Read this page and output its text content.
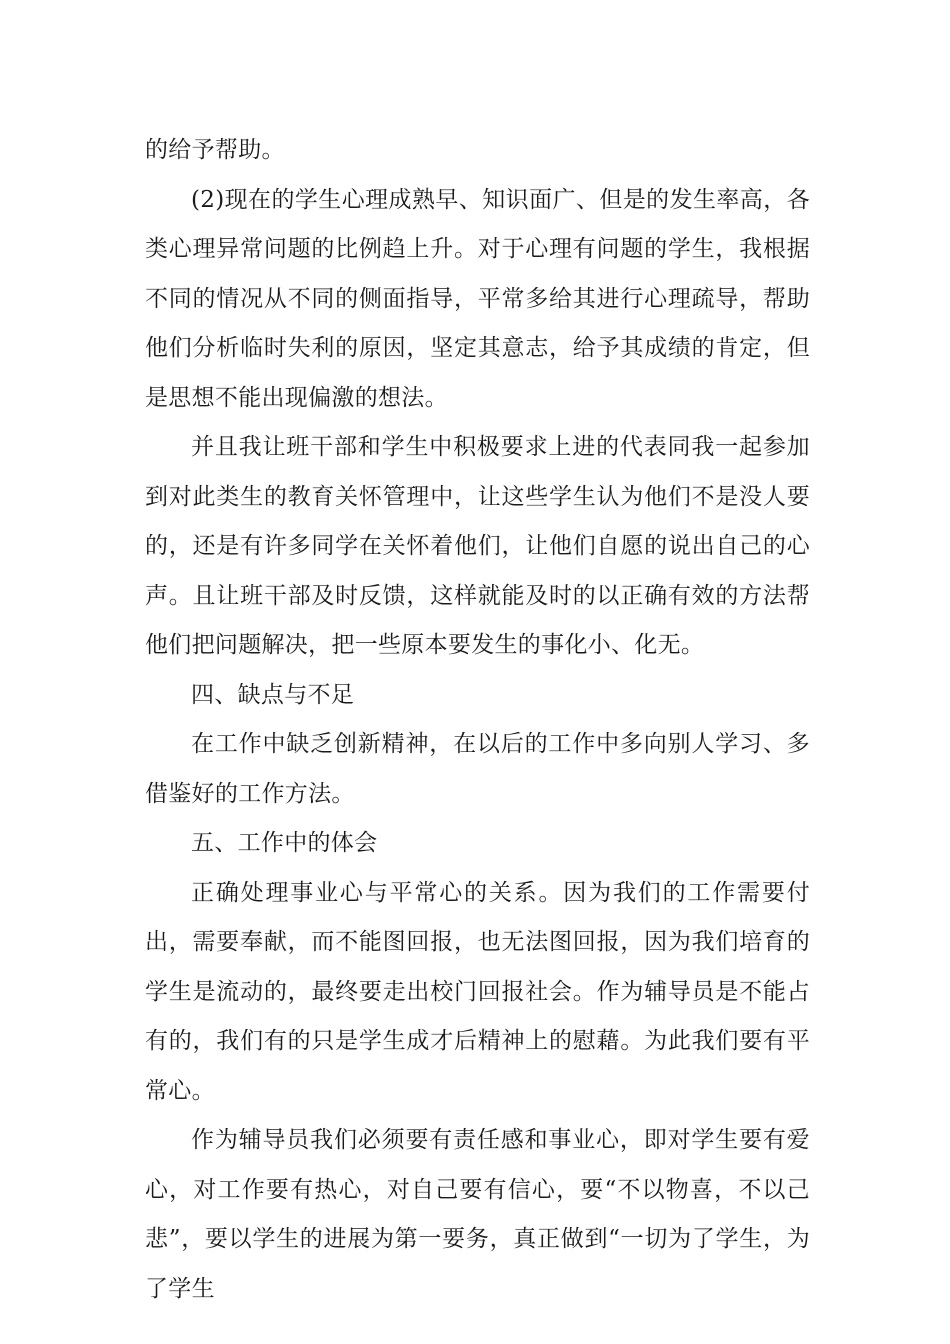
的给予帮助。

(2)现在的学生心理成熟早、知识面广、但是的发生率高，各类心理异常问题的比例趋上升。对于心理有问题的学生，我根据不同的情况从不同的侧面指导，平常多给其进行心理疏导，帮助他们分析临时失利的原因，坚定其意志，给予其成绩的肯定，但是思想不能出现偏激的想法。

并且我让班干部和学生中积极要求上进的代表同我一起参加到对此类生的教育关怀管理中，让这些学生认为他们不是没人要的，还是有许多同学在关怀着他们，让他们自愿的说出自己的心声。且让班干部及时反馈，这样就能及时的以正确有效的方法帮他们把问题解决，把一些原本要发生的事化小、化无。

四、缺点与不足

在工作中缺乏创新精神，在以后的工作中多向别人学习、多借鉴好的工作方法。

五、工作中的体会

正确处理事业心与平常心的关系。因为我们的工作需要付出，需要奉献，而不能图回报，也无法图回报，因为我们培育的学生是流动的，最终要走出校门回报社会。作为辅导员是不能占有的，我们有的只是学生成才后精神上的慰藉。为此我们要有平常心。

作为辅导员我们必须要有责任感和事业心，即对学生要有爱心，对工作要有热心，对自己要有信心，要“不以物喜，不以己悲”，要以学生的进展为第一要务，真正做到“一切为了学生，为了学生
